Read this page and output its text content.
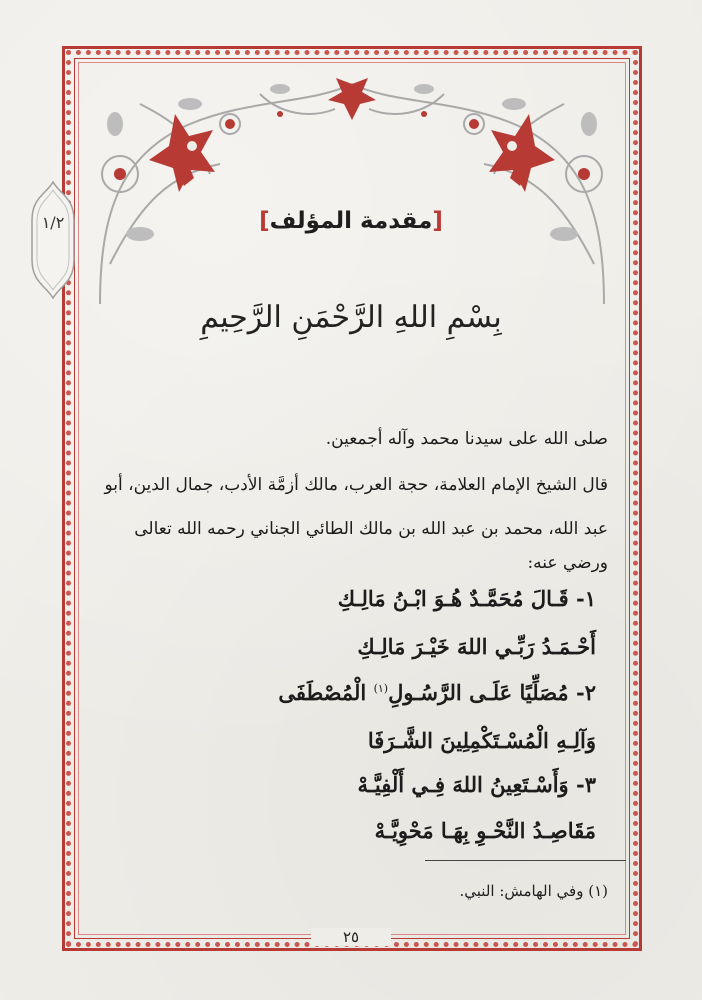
١/٢	[مقدمة المؤلف]
بِسْمِ اللهِ الرَّحْمَنِ الرَّحِيمِ
صلى الله على سيدنا محمد وآله أجمعين.
قال الشيخ الإمام العلامة، حجة العرب، مالك أزمَّة الأدب، جمال الدين، أبو
عبد الله، محمد بن عبد الله بن مالك الطائي الجناني رحمه الله تعالى ورضي عنه:
١- قَـالَ مُحَمَّـدٌ هُـوَ ابْـنُ مَالِـكِ
أَحْـمَـدُ رَبِّـي اللهَ خَيْـرَ مَالِـكِ
٢- مُصَلِّيًا عَلَـى الرَّسُـولِ$^{(١)}$ الْمُصْطَفَى
وَآلِـهِ الْمُسْـتَكْمِلِينَ الشَّـرَفَا
٣- وَأَسْـتَعِينُ اللهَ فِـي أَلْفِيَّـهْ
مَقَاصِـدُ النَّحْـوِ بِهَـا مَحْوِيَّـهْ
(١) وفي الهامش: النبي.
٢٥
